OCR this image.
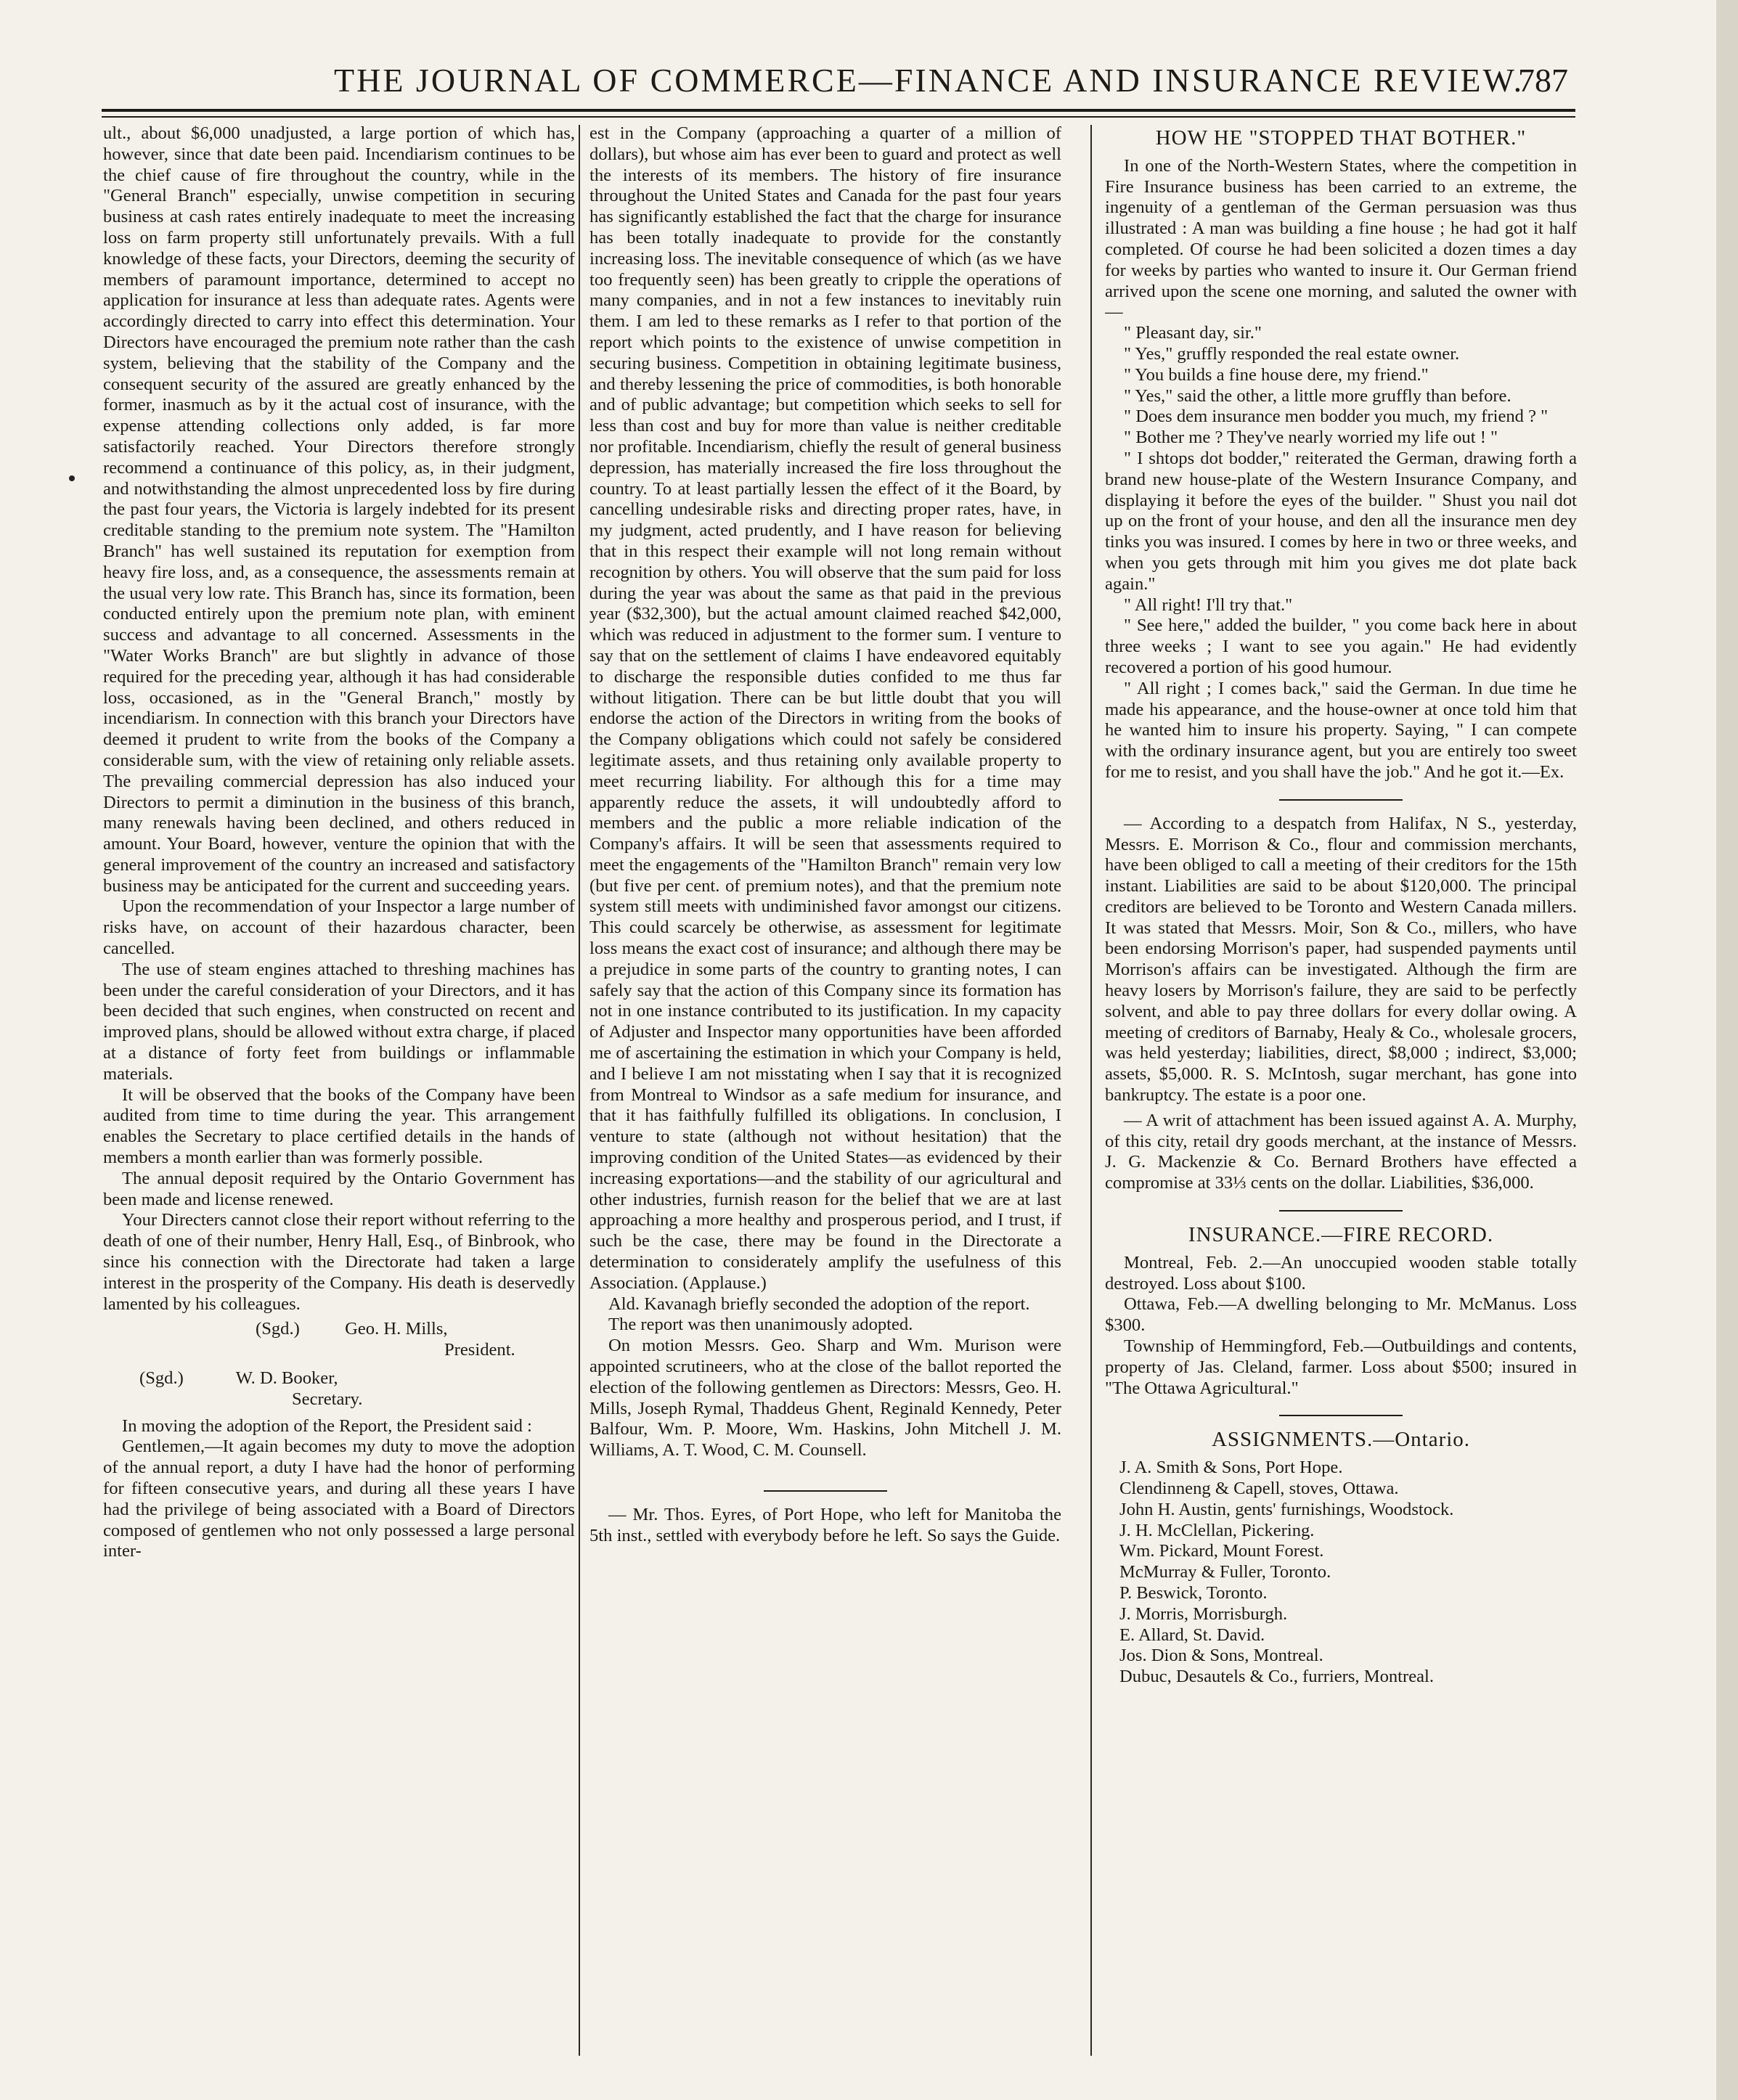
THE JOURNAL OF COMMERCE—FINANCE AND INSURANCE REVIEW.
787

ult., about $6,000 unadjusted, a large portion of which has, however, since that date been paid. Incendiarism continues to be the chief cause of fire throughout the country, while in the "General Branch" especially, unwise competition in securing business at cash rates entirely inadequate to meet the increasing loss on farm property still unfortunately prevails. With a full knowledge of these facts, your Directors, deeming the security of members of paramount importance, determined to accept no application for insurance at less than adequate rates. Agents were accordingly directed to carry into effect this determination. Your Directors have encouraged the premium note rather than the cash system, believing that the stability of the Company and the consequent security of the assured are greatly enhanced by the former, inasmuch as by it the actual cost of insurance, with the expense attending collections only added, is far more satisfactorily reached. Your Directors therefore strongly recommend a continuance of this policy, as, in their judgment, and notwithstanding the almost unprecedented loss by fire during the past four years, the Victoria is largely indebted for its present creditable standing to the premium note system. The "Hamilton Branch" has well sustained its reputation for exemption from heavy fire loss, and, as a consequence, the assessments remain at the usual very low rate. This Branch has, since its formation, been conducted entirely upon the premium note plan, with eminent success and advantage to all concerned. Assessments in the "Water Works Branch" are but slightly in advance of those required for the preceding year, although it has had considerable loss, occasioned, as in the "General Branch," mostly by incendiarism. In connection with this branch your Directors have deemed it prudent to write from the books of the Company a considerable sum, with the view of retaining only reliable assets. The prevailing commercial depression has also induced your Directors to permit a diminution in the business of this branch, many renewals having been declined, and others reduced in amount. Your Board, however, venture the opinion that with the general improvement of the country an increased and satisfactory business may be anticipated for the current and succeeding years.

Upon the recommendation of your Inspector a large number of risks have, on account of their hazardous character, been cancelled.

The use of steam engines attached to threshing machines has been under the careful consideration of your Directors, and it has been decided that such engines, when constructed on recent and improved plans, should be allowed without extra charge, if placed at a distance of forty feet from buildings or inflammable materials.

It will be observed that the books of the Company have been audited from time to time during the year. This arrangement enables the Secretary to place certified details in the hands of members a month earlier than was formerly possible.

The annual deposit required by the Ontario Government has been made and license renewed.

Your Directers cannot close their report without referring to the death of one of their number, Henry Hall, Esq., of Binbrook, who since his connection with the Directorate had taken a large interest in the prosperity of the Company. His death is deservedly lamented by his colleagues.

(Sgd.)	Geo. H. Mills,

President.

(Sgd.)	W. D. Booker,

Secretary.

In moving the adoption of the Report, the President said :

Gentlemen,—It again becomes my duty to move the adoption of the annual report, a duty I have had the honor of performing for fifteen consecutive years, and during all these years I have had the privilege of being associated with a Board of Directors composed of gentlemen who not only possessed a large personal inter-

est in the Company (approaching a quarter of a million of dollars), but whose aim has ever been to guard and protect as well the interests of its members. The history of fire insurance throughout the United States and Canada for the past four years has significantly established the fact that the charge for insurance has been totally inadequate to provide for the constantly increasing loss. The inevitable consequence of which (as we have too frequently seen) has been greatly to cripple the operations of many companies, and in not a few instances to inevitably ruin them. I am led to these remarks as I refer to that portion of the report which points to the existence of unwise competition in securing business. Competition in obtaining legitimate business, and thereby lessening the price of commodities, is both honorable and of public advantage; but competition which seeks to sell for less than cost and buy for more than value is neither creditable nor profitable. Incendiarism, chiefly the result of general business depression, has materially increased the fire loss throughout the country. To at least partially lessen the effect of it the Board, by cancelling undesirable risks and directing proper rates, have, in my judgment, acted prudently, and I have reason for believing that in this respect their example will not long remain without recognition by others. You will observe that the sum paid for loss during the year was about the same as that paid in the previous year ($32,300), but the actual amount claimed reached $42,000, which was reduced in adjustment to the former sum. I venture to say that on the settlement of claims I have endeavored equitably to discharge the responsible duties confided to me thus far without litigation. There can be but little doubt that you will endorse the action of the Directors in writing from the books of the Company obligations which could not safely be considered legitimate assets, and thus retaining only available property to meet recurring liability. For although this for a time may apparently reduce the assets, it will undoubtedly afford to members and the public a more reliable indication of the Company's affairs. It will be seen that assessments required to meet the engagements of the "Hamilton Branch" remain very low (but five per cent. of premium notes), and that the premium note system still meets with undiminished favor amongst our citizens. This could scarcely be otherwise, as assessment for legitimate loss means the exact cost of insurance; and although there may be a prejudice in some parts of the country to granting notes, I can safely say that the action of this Company since its formation has not in one instance contributed to its justification. In my capacity of Adjuster and Inspector many opportunities have been afforded me of ascertaining the estimation in which your Company is held, and I believe I am not misstating when I say that it is recognized from Montreal to Windsor as a safe medium for insurance, and that it has faithfully fulfilled its obligations. In conclusion, I venture to state (although not without hesitation) that the improving condition of the United States—as evidenced by their increasing exportations—and the stability of our agricultural and other industries, furnish reason for the belief that we are at last approaching a more healthy and prosperous period, and I trust, if such be the case, there may be found in the Directorate a determination to considerately amplify the usefulness of this Association. (Applause.)

Ald. Kavanagh briefly seconded the adoption of the report.

The report was then unanimously adopted.

On motion Messrs. Geo. Sharp and Wm. Murison were appointed scrutineers, who at the close of the ballot reported the election of the following gentlemen as Directors: Messrs, Geo. H. Mills, Joseph Rymal, Thaddeus Ghent, Reginald Kennedy, Peter Balfour, Wm. P. Moore, Wm. Haskins, John Mitchell J. M. Williams, A. T. Wood, C. M. Counsell.

— Mr. Thos. Eyres, of Port Hope, who left for Manitoba the 5th inst., settled with everybody before he left. So says the Guide.

HOW HE "STOPPED THAT BOTHER."

In one of the North-Western States, where the competition in Fire Insurance business has been carried to an extreme, the ingenuity of a gentleman of the German persuasion was thus illustrated : A man was building a fine house ; he had got it half completed. Of course he had been solicited a dozen times a day for weeks by parties who wanted to insure it. Our German friend arrived upon the scene one morning, and saluted the owner with—

" Pleasant day, sir."

" Yes," gruffly responded the real estate owner.

" You builds a fine house dere, my friend."

" Yes," said the other, a little more gruffly than before.

" Does dem insurance men bodder you much, my friend ? "

" Bother me ? They've nearly worried my life out ! "

" I shtops dot bodder," reiterated the German, drawing forth a brand new house-plate of the Western Insurance Company, and displaying it before the eyes of the builder. " Shust you nail dot up on the front of your house, and den all the insurance men dey tinks you was insured. I comes by here in two or three weeks, and when you gets through mit him you gives me dot plate back again."

" All right! I'll try that."

" See here," added the builder, " you come back here in about three weeks ; I want to see you again." He had evidently recovered a portion of his good humour.

" All right ; I comes back," said the German. In due time he made his appearance, and the house-owner at once told him that he wanted him to insure his property. Saying, " I can compete with the ordinary insurance agent, but you are entirely too sweet for me to resist, and you shall have the job." And he got it.—Ex.

— According to a despatch from Halifax, N S., yesterday, Messrs. E. Morrison & Co., flour and commission merchants, have been obliged to call a meeting of their creditors for the 15th instant. Liabilities are said to be about $120,000. The principal creditors are believed to be Toronto and Western Canada millers. It was stated that Messrs. Moir, Son & Co., millers, who have been endorsing Morrison's paper, had suspended payments until Morrison's affairs can be investigated. Although the firm are heavy losers by Morrison's failure, they are said to be perfectly solvent, and able to pay three dollars for every dollar owing. A meeting of creditors of Barnaby, Healy & Co., wholesale grocers, was held yesterday; liabilities, direct, $8,000 ; indirect, $3,000; assets, $5,000. R. S. McIntosh, sugar merchant, has gone into bankruptcy. The estate is a poor one.

— A writ of attachment has been issued against A. A. Murphy, of this city, retail dry goods merchant, at the instance of Messrs. J. G. Mackenzie & Co. Bernard Brothers have effected a compromise at 33⅓ cents on the dollar. Liabilities, $36,000.

INSURANCE.—FIRE RECORD.

Montreal, Feb. 2.—An unoccupied wooden stable totally destroyed. Loss about $100.

Ottawa, Feb.—A dwelling belonging to Mr. McManus. Loss $300.

Township of Hemmingford, Feb.—Outbuildings and contents, property of Jas. Cleland, farmer. Loss about $500; insured in "The Ottawa Agricultural."

ASSIGNMENTS.—Ontario.

J. A. Smith & Sons, Port Hope.

Clendinneng & Capell, stoves, Ottawa.

John H. Austin, gents' furnishings, Woodstock.

J. H. McClellan, Pickering.

Wm. Pickard, Mount Forest.

McMurray & Fuller, Toronto.

P. Beswick, Toronto.

J. Morris, Morrisburgh.

E. Allard, St. David.

Jos. Dion & Sons, Montreal.

Dubuc, Desautels & Co., furriers, Montreal.
